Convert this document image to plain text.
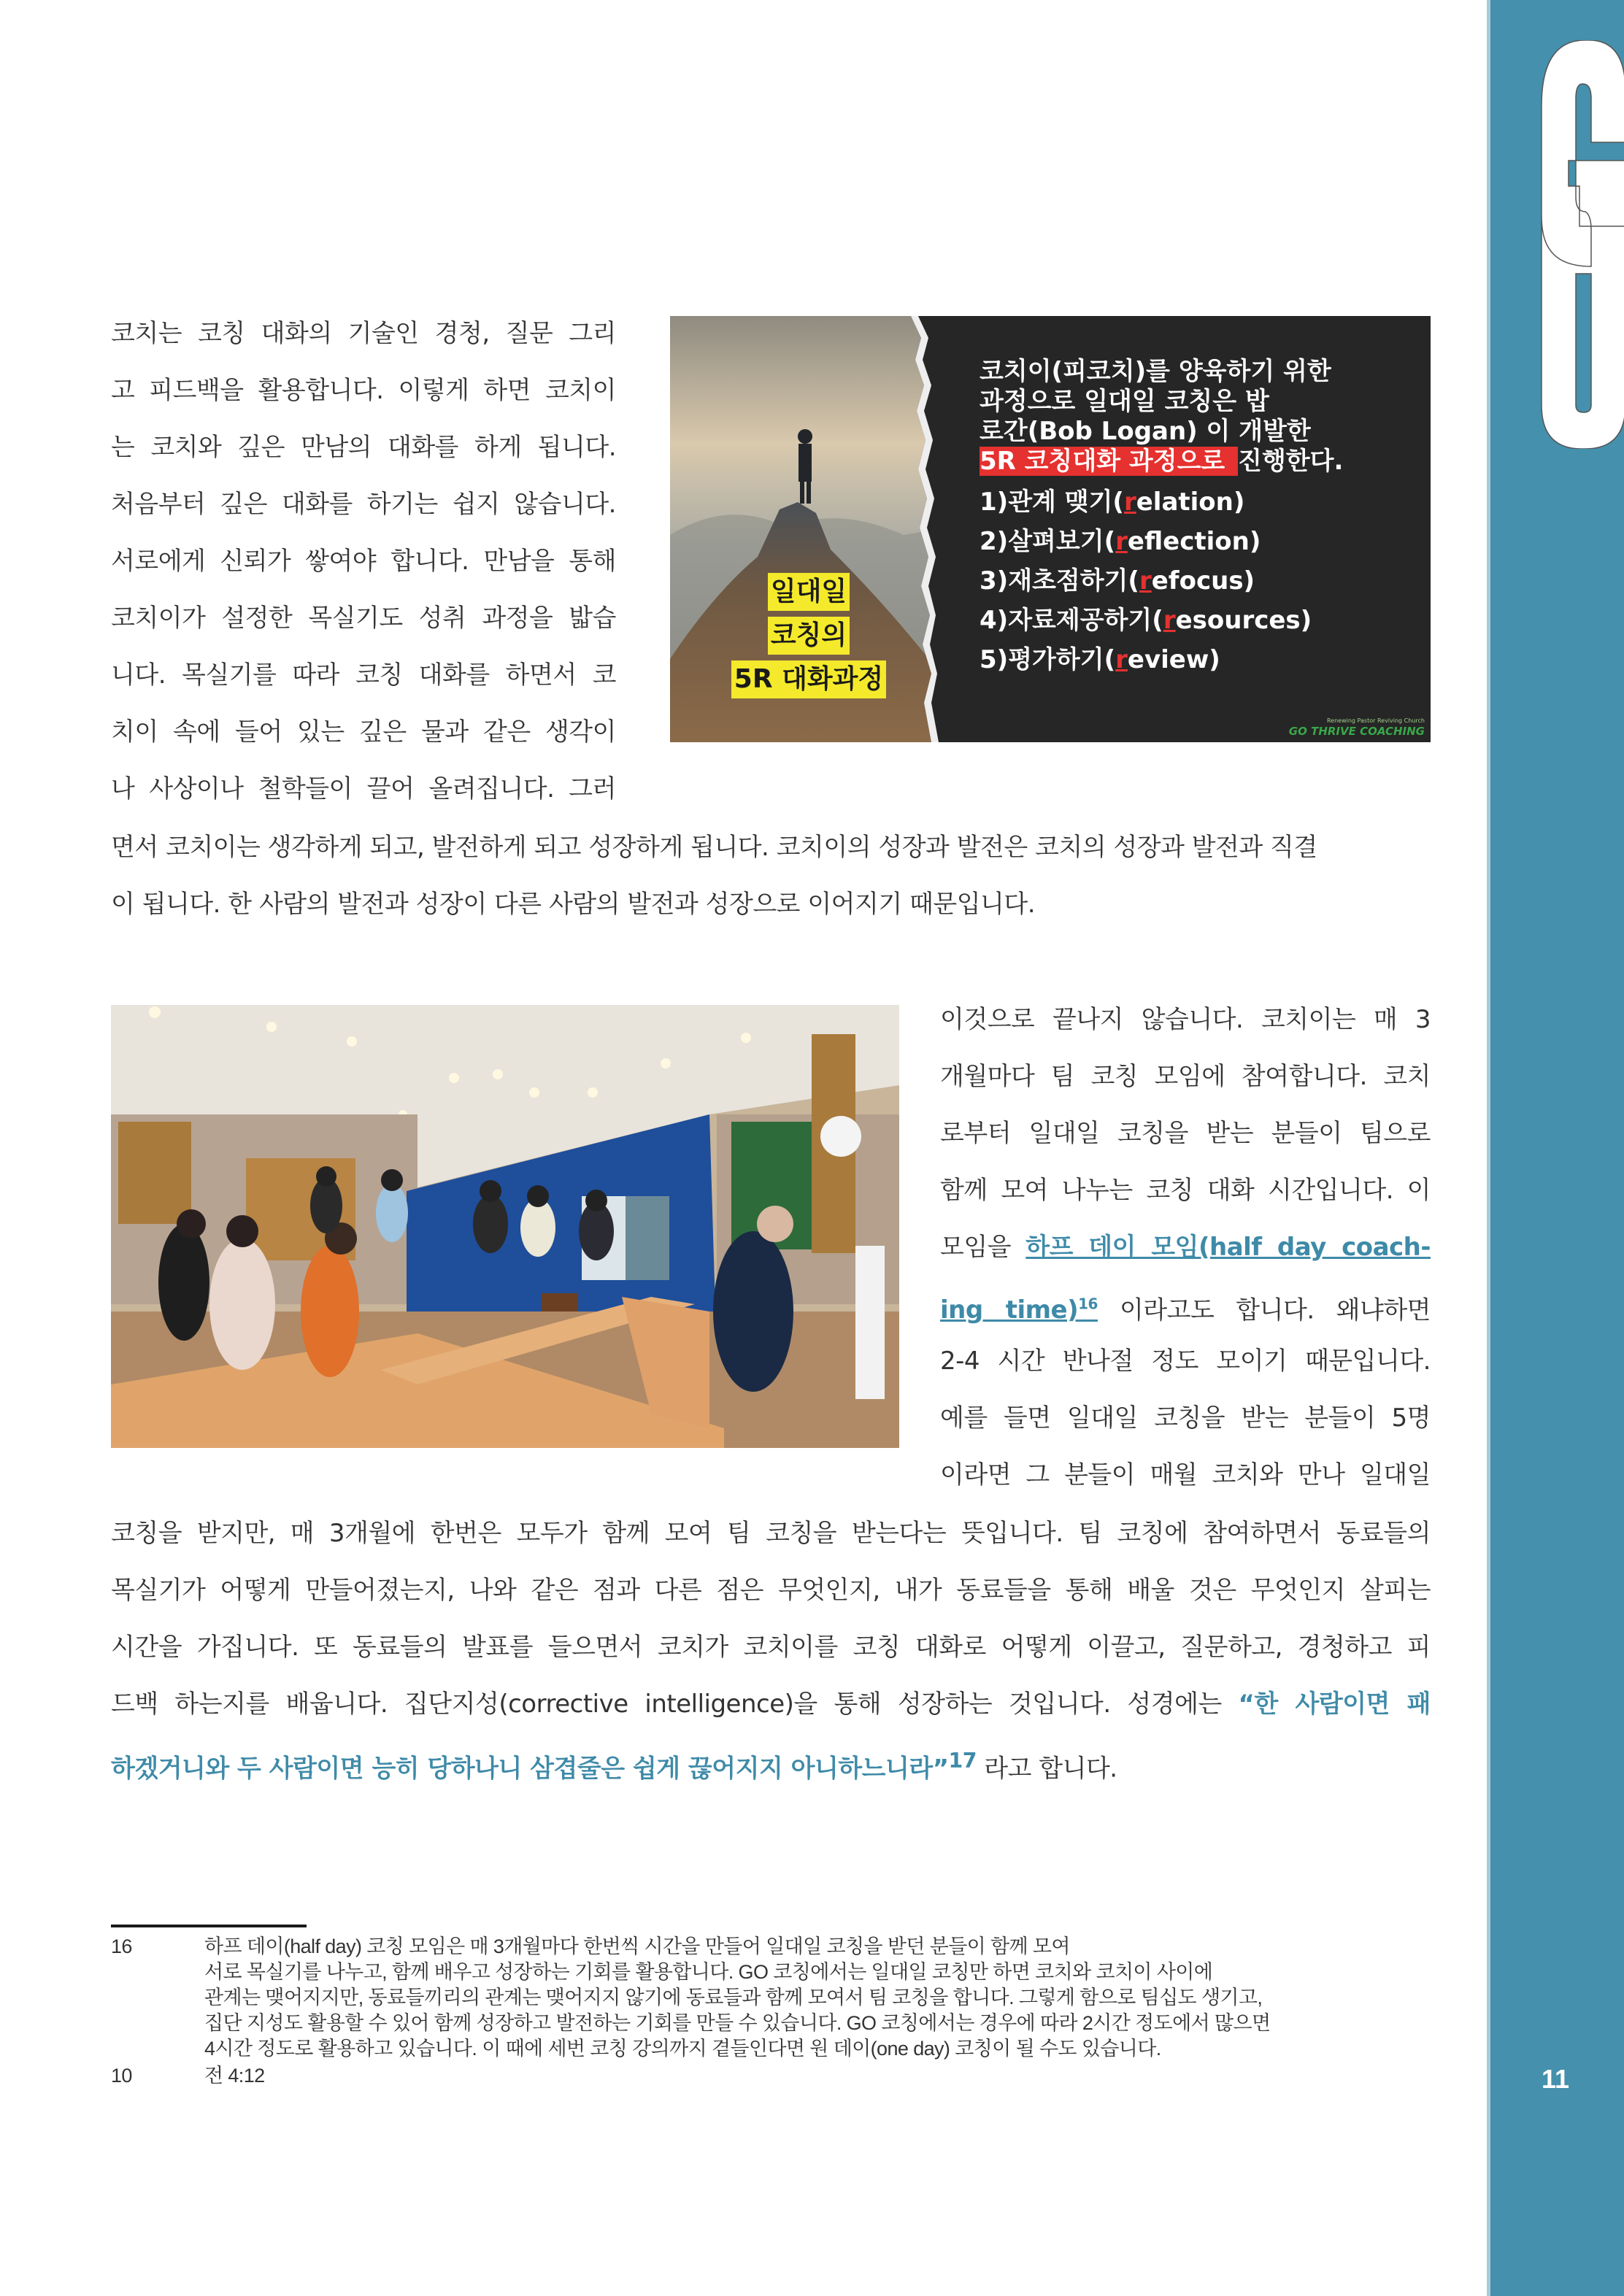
11
코치는 코칭 대화의 기술인 경청, 질문 그리
고 피드백을 활용합니다. 이렇게 하면 코치이
는 코치와 깊은 만남의 대화를 하게 됩니다.
처음부터 깊은 대화를 하기는 쉽지 않습니다.
서로에게 신뢰가 쌓여야 합니다. 만남을 통해
코치이가 설정한 목실기도 성취 과정을 밟습
니다. 목실기를 따라 코칭 대화를 하면서 코
치이 속에 들어 있는 깊은 물과 같은 생각이
나 사상이나 철학들이 끌어 올려집니다. 그러
일대일
코칭의
5R 대화과정
코치이(피코치)를 양육하기 위한
과정으로 일대일 코칭은 밥
로간(Bob Logan) 이 개발한
5R 코칭대화 과정으로 진행한다.
1)관계 맺기(relation)
2)살펴보기(reflection)
3)재초점하기(refocus)
4)자료제공하기(resources)
5)평가하기(review)
Renewing Pastor Reviving Church
GO THRIVE COACHING
면서 코치이는 생각하게 되고, 발전하게 되고 성장하게 됩니다. 코치이의 성장과 발전은 코치의 성장과 발전과 직결
이 됩니다. 한 사람의 발전과 성장이 다른 사람의 발전과 성장으로 이어지기 때문입니다.
이것으로 끝나지 않습니다. 코치이는 매 3
개월마다 팀 코칭 모임에 참여합니다. 코치
로부터 일대일 코칭을 받는 분들이 팀으로
함께 모여 나누는 코칭 대화 시간입니다. 이
모임을 하프 데이 모임(half day coach-
ing time)$^{16}$ 이라고도 합니다. 왜냐하면
2-4 시간 반나절 정도 모이기 때문입니다.
예를 들면 일대일 코칭을 받는 분들이 5명
이라면 그 분들이 매월 코치와 만나 일대일
코칭을 받지만, 매 3개월에 한번은 모두가 함께 모여 팀 코칭을 받는다는 뜻입니다. 팀 코칭에 참여하면서 동료들의
목실기가 어떻게 만들어졌는지, 나와 같은 점과 다른 점은 무엇인지, 내가 동료들을 통해 배울 것은 무엇인지 살피는
시간을 가집니다. 또 동료들의 발표를 들으면서 코치가 코치이를 코칭 대화로 어떻게 이끌고, 질문하고, 경청하고 피
드백 하는지를 배웁니다. 집단지성(corrective intelligence)을 통해 성장하는 것입니다. 성경에는 “한 사람이면 패
하겠거니와 두 사람이면 능히 당하나니 삼겹줄은 쉽게 끊어지지 아니하느니라”$^{17}$ 라고 합니다.
16	하프 데이(half day) 코칭 모임은 매 3개월마다 한번씩 시간을 만들어 일대일 코칭을 받던 분들이 함께 모여
서로 목실기를 나누고, 함께 배우고 성장하는 기회를 활용합니다. GO 코칭에서는 일대일 코칭만 하면 코치와 코치이 사이에
관계는 맺어지지만, 동료들끼리의 관계는 맺어지지 않기에 동료들과 함께 모여서 팀 코칭을 합니다. 그렇게 함으로 팀십도 생기고,
집단 지성도 활용할 수 있어 함께 성장하고 발전하는 기회를 만들 수 있습니다. GO 코칭에서는 경우에 따라 2시간 정도에서 많으면
4시간 정도로 활용하고 있습니다. 이 때에 세번 코칭 강의까지 곁들인다면 원 데이(one day) 코칭이 될 수도 있습니다.
10	전 4:12
